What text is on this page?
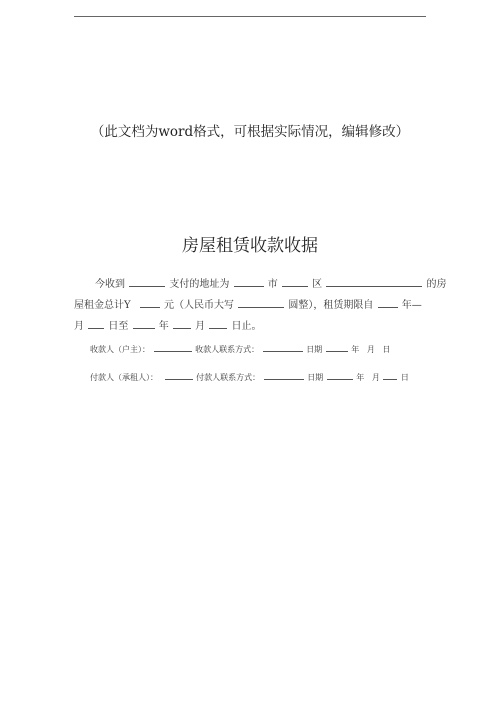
（此文档为word格式，可根据实际情况，编辑修改）
房屋租赁收款收据
今收到	支付的地址为	市	区	的房
屋租金总计Y	元（人民币大写	圆整），租赁期限自	年—
月 日至	年	月	日止。
收款人（户主）：	收款人联系方式：	日期	年 月 日
付款人（承租人）：	付款人联系方式：	日期	年 月	日
